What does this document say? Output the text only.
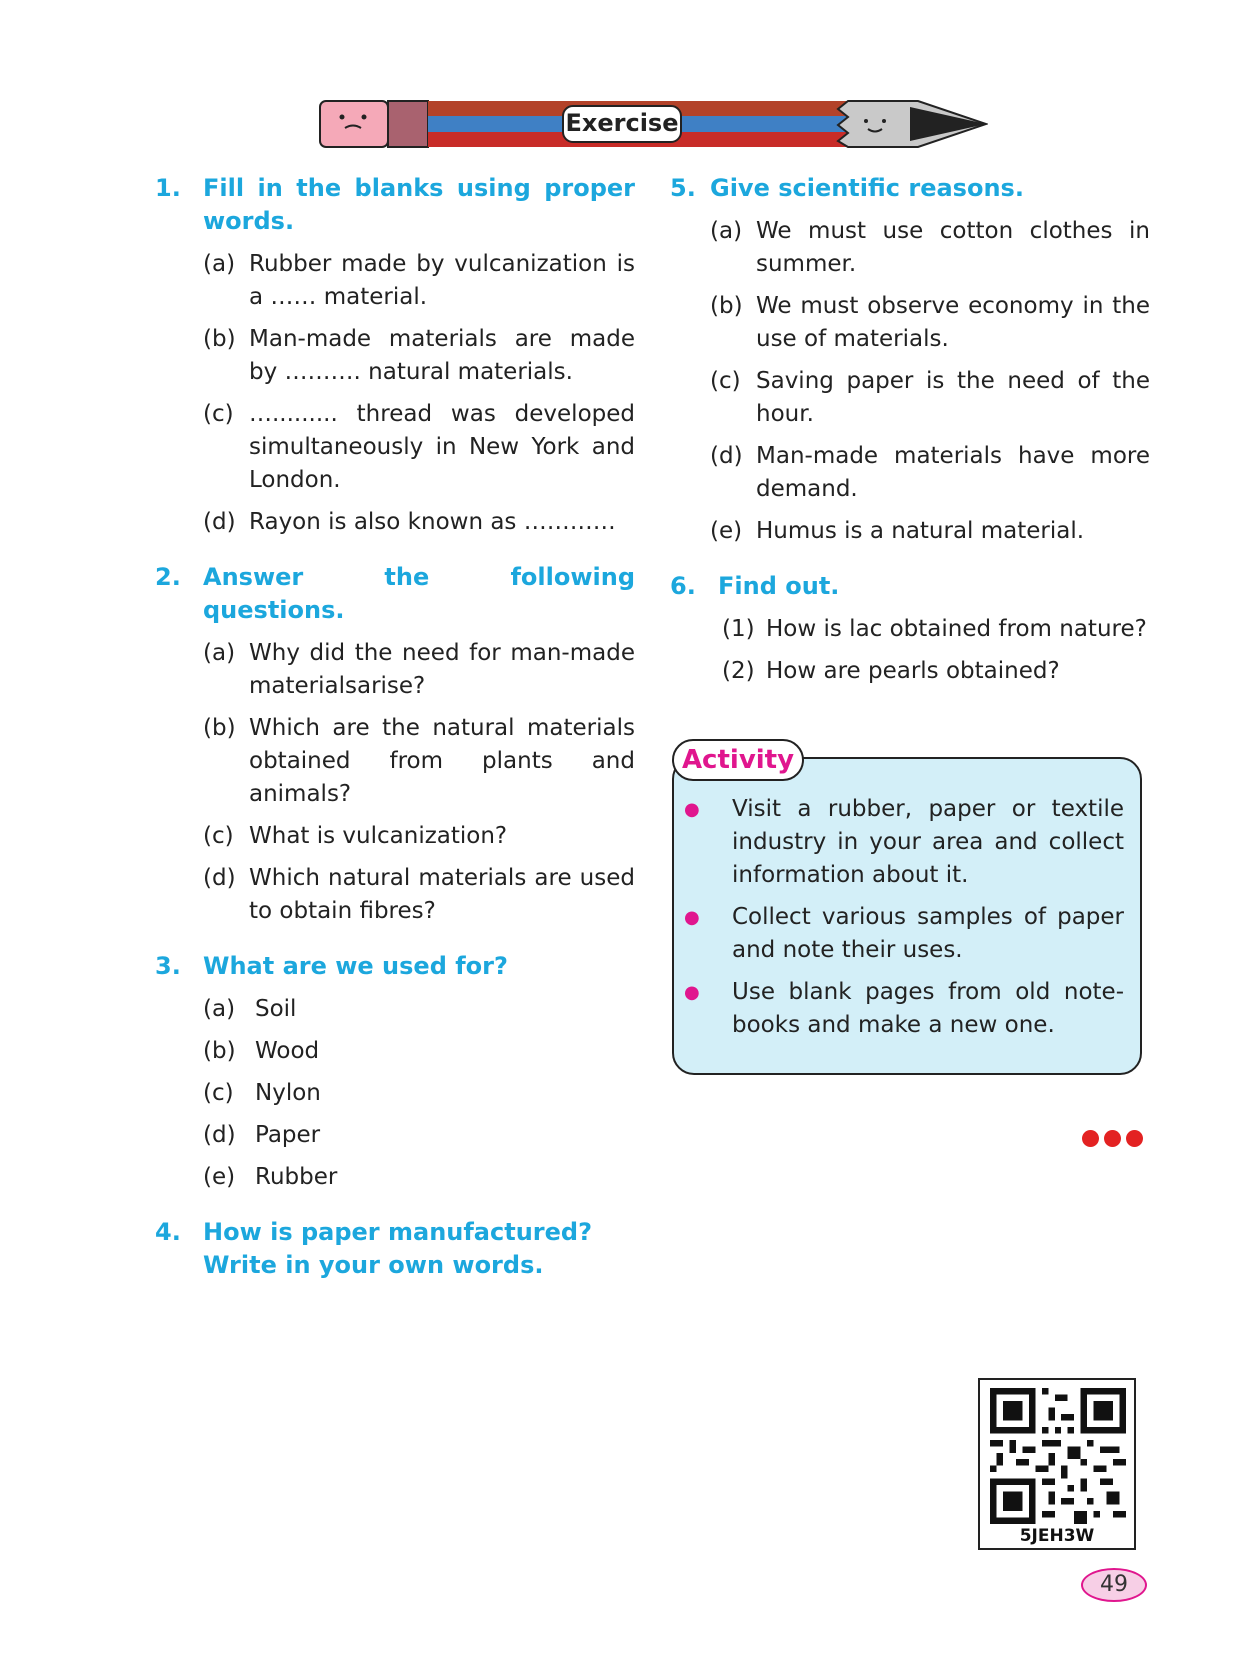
Exercise
1. Fill in the blanks using proper words.
(a) Rubber made by vulcanization is a …… material.
(b) Man-made materials are made by ………. natural materials.
(c) …......... thread was developed simultaneously in New York and London.
(d) Rayon is also known as …………
2. Answer the following questions.
(a) Why did the need for man-made materialsarise?
(b) Which are the natural materials obtained from plants and animals?
(c) What is vulcanization?
(d) Which natural materials are used to obtain fibres?
3. What are we used for?
(a) Soil
(b) Wood
(c) Nylon
(d) Paper
(e) Rubber
4. How is paper manufactured? Write in your own words.
5. Give scientific reasons.
(a) We must use cotton clothes in summer.
(b) We must observe economy in the use of materials.
(c) Saving paper is the need of the hour.
(d) Man-made materials have more demand.
(e) Humus is a natural material.
6. Find out.
(1) How is lac obtained from nature?
(2) How are pearls obtained?
Activity
●	Visit a rubber, paper or textile industry in your area and collect information about it.
●	Collect various samples of paper and note their uses.
●	Use blank pages from old note-books and make a new one.
5JEH3W
49
